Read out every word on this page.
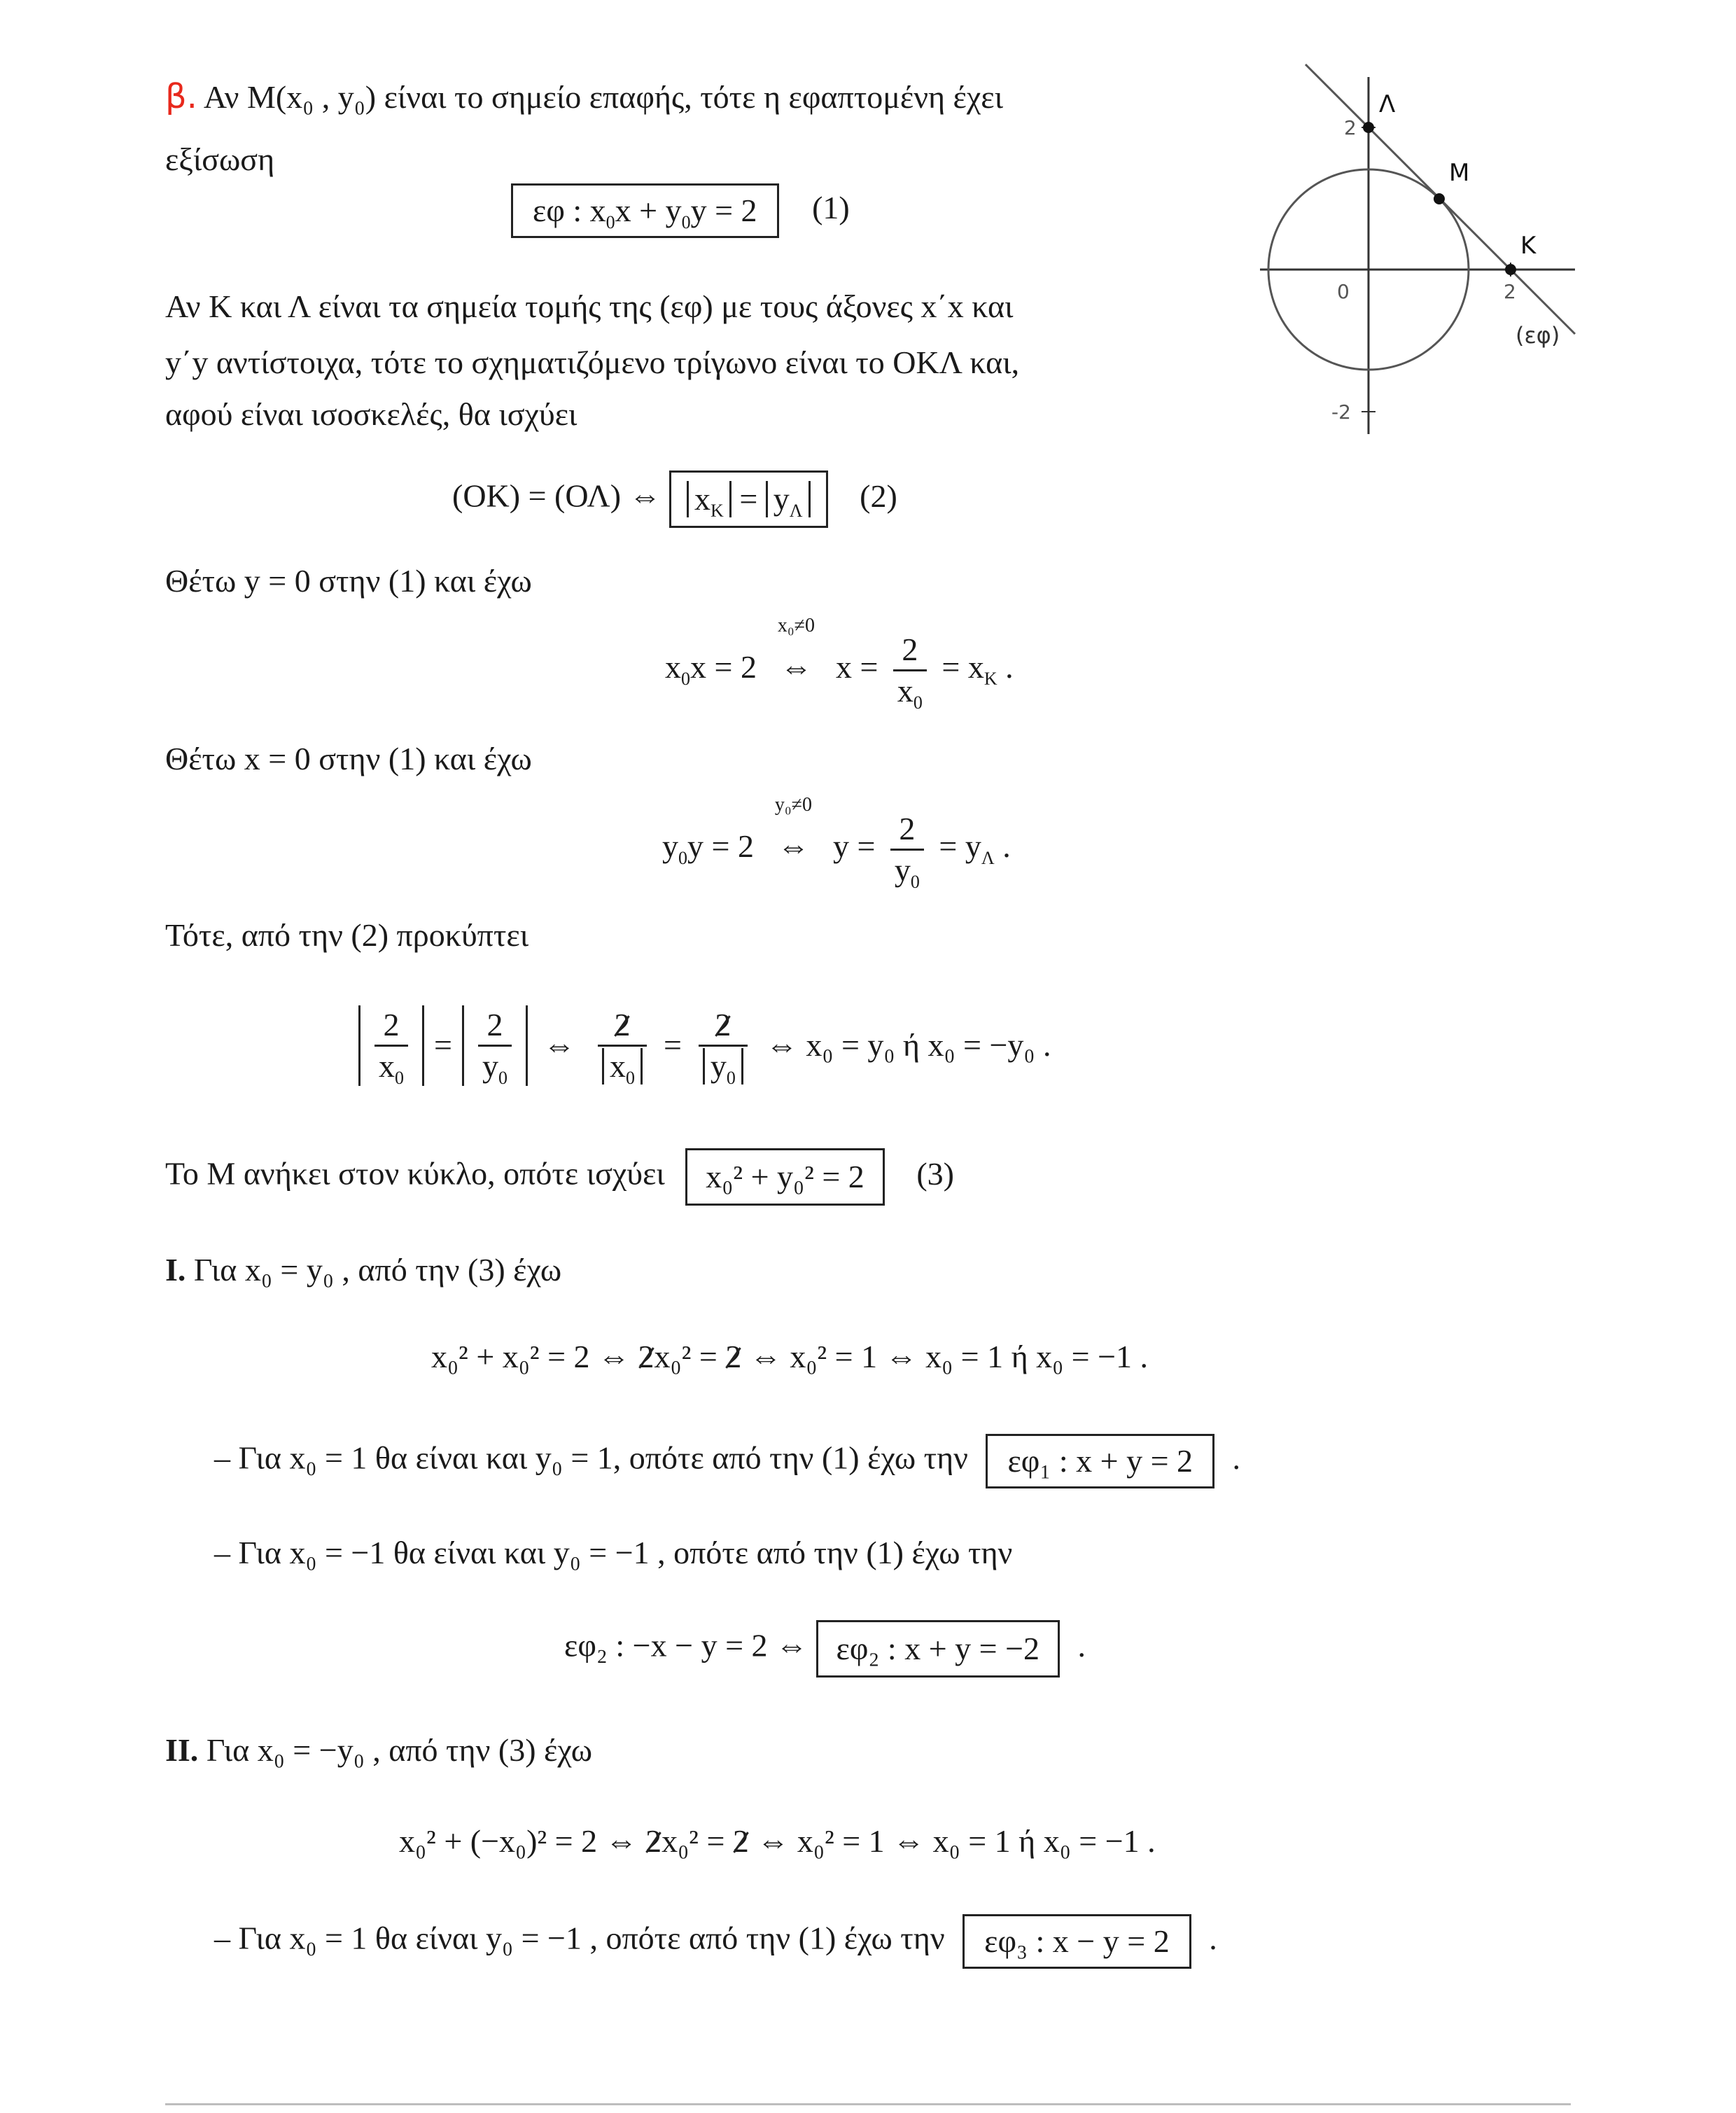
β. Αν Μ(x₀ , y₀) είναι το σημείο επαφής, τότε η εφαπτομένη έχει
εξίσωση
εφ : $x_0x + y_0y = 2$ (1)
Αν Κ και Λ είναι τα σημεία τομής της (εφ) με τους άξονες x΄x και
y΄y αντίστοιχα, τότε το σχηματιζόμενο τρίγωνο είναι το ΟΚΛ και,
αφού είναι ισοσκελές, θα ισχύει
(ΟΚ) = (ΟΛ) ⇔ $x_K = y_\Lambda$ (2)
Θέτω y = 0 στην (1) και έχω
$x_0x = 2$
x₀≠0
⇔ $x = \frac{2}{x_0} = x_K$ .
Θέτω x = 0 στην (1) και έχω
$y_0y = 2$
y₀≠0
⇔ $y = \frac{2}{y_0} = y_\Lambda$ .
Τότε, από την (2) προκύπτει
$\frac{2}{x_0} = \frac{2}{y_0}$ ⇔ $\frac{2}{x_0} = \frac{2}{y_0}$ ⇔ x₀ = y₀ ή x₀ = −y₀ .
Το Μ ανήκει στον κύκλο, οπότε ισχύει x₀² + y₀² = 2 (3)
Ι. Για x₀ = y₀ , από την (3) έχω
x₀² + x₀² = 2 ⇔ 2x₀² = 2 ⇔ x₀² = 1 ⇔ x₀ = 1 ή x₀ = −1 .
– Για x₀ = 1 θα είναι και y₀ = 1, οπότε από την (1) έχω την εφ₁ : x + y = 2 .
– Για x₀ = −1 θα είναι και y₀ = −1 , οπότε από την (1) έχω την
εφ₂ : −x − y = 2 ⇔ εφ₂ : x + y = −2 .
ΙΙ. Για x₀ = −y₀ , από την (3) έχω
x₀² + (−x₀)² = 2 ⇔ 2x₀² = 2 ⇔ x₀² = 1 ⇔ x₀ = 1 ή x₀ = −1 .
– Για x₀ = 1 θα είναι y₀ = −1 , οπότε από την (1) έχω την εφ₃ : x − y = 2 .
Λ
Μ
Κ
(εφ)
0
2
2
-2
